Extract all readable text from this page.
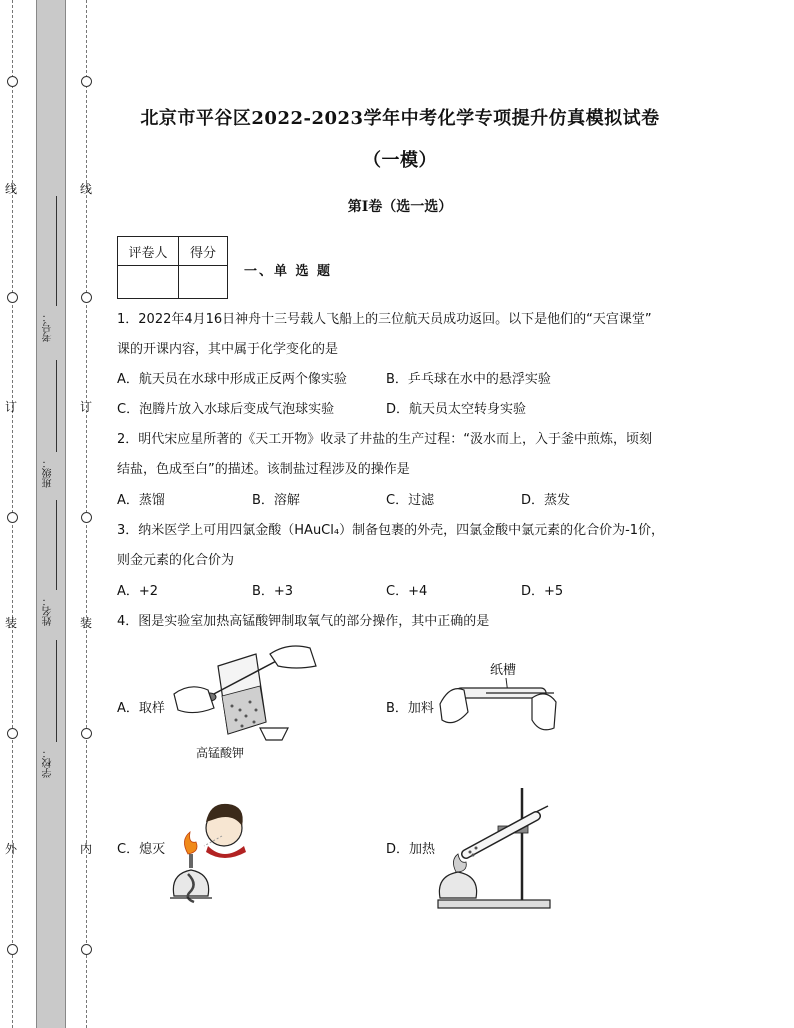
线
订
装
外
线
订
装
内
考号：
班级：
姓名：
学校：
北京市平谷区2022-2023学年中考化学专项提升仿真模拟试卷
（一模）
第I卷（选一选）
评卷人	得分

一、单 选 题
1．2022年4月16日神舟十三号载人飞船上的三位航天员成功返回。以下是他们的“天宫课堂”
课的开课内容，其中属于化学变化的是
A．航天员在水球中形成正反两个像实验	B．乒乓球在水中的悬浮实验
C．泡腾片放入水球后变成气泡球实验	D．航天员太空转身实验
2．明代宋应星所著的《天工开物》收录了井盐的生产过程：“汲水而上，入于釜中煎炼，顷刻
结盐，色成至白”的描述。该制盐过程涉及的操作是
A．蒸馏	B．溶解	C．过滤	D．蒸发
3．纳米医学上可用四氯金酸（HAuCl₄）制备包裹的外壳，四氯金酸中氯元素的化合价为-1价，
则金元素的化合价为
A．+2	B．+3	C．+4	D．+5
4．图是实验室加热高锰酸钾制取氧气的部分操作，其中正确的是
A．取样
高锰酸钾
B．加料
纸槽
C．熄灭	D．加热
